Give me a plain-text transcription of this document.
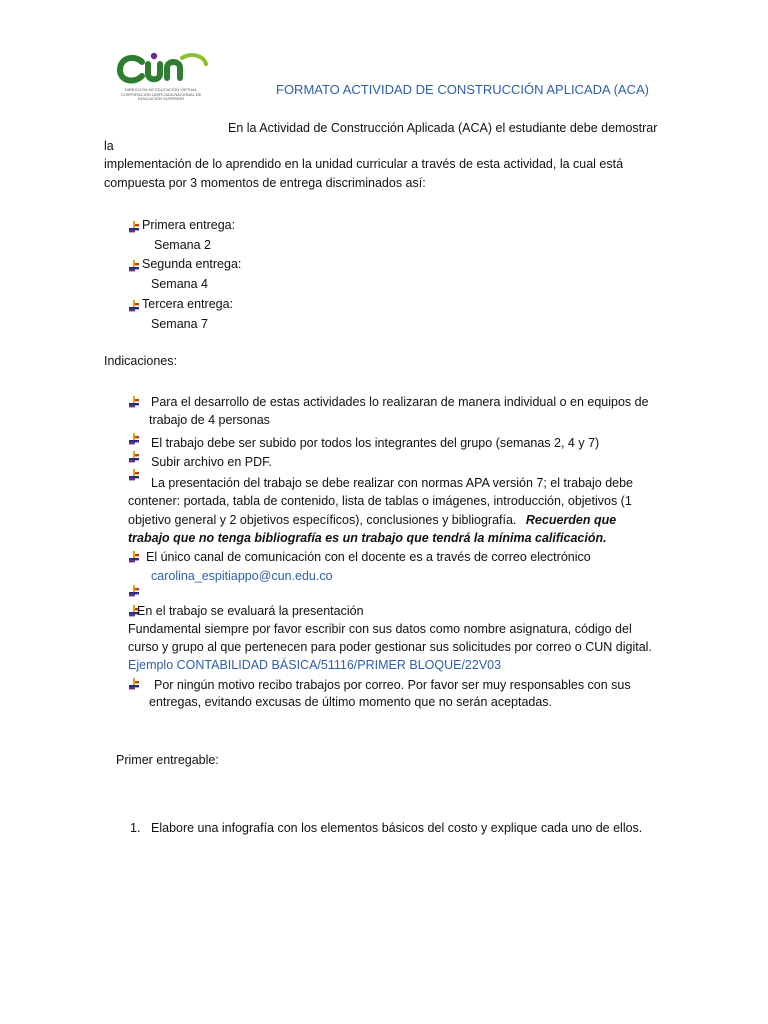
DIRECCIÓN DE EDUCACIÓN VIRTUAL
CORPORACIÓN UNIFICADA NACIONAL DE
EDUCACIÓN SUPERIOR
FORMATO ACTIVIDAD DE CONSTRUCCIÓN APLICADA (ACA)
En la Actividad de Construcción Aplicada (ACA) el estudiante debe demostrar
la
implementación de lo aprendido en la unidad curricular a través de esta actividad, la cual está
compuesta por 3 momentos de entrega discriminados así:
Primera entrega:
Semana 2
Segunda entrega:
Semana 4
Tercera entrega:
Semana 7
Indicaciones:
Para el desarrollo de estas actividades lo realizaran de manera individual o en equipos de
trabajo de 4 personas
El trabajo debe ser subido por todos los integrantes del grupo (semanas 2, 4 y 7)
Subir archivo en PDF.
La presentación del trabajo se debe realizar con normas APA versión 7; el trabajo debe
contener: portada, tabla de contenido, lista de tablas o imágenes, introducción, objetivos (1
objetivo general y 2 objetivos específicos), conclusiones y bibliografía. Recuerden que
trabajo que no tenga bibliografía es un trabajo que tendrá la mínima calificación.
El único canal de comunicación con el docente es a través de correo electrónico
carolina_espitiappo@cun.edu.co
En el trabajo se evaluará la presentación
Fundamental siempre por favor escribir con sus datos como nombre asignatura, código del
curso y grupo al que pertenecen para poder gestionar sus solicitudes por correo o CUN digital.
Ejemplo CONTABILIDAD BÁSICA/51116/PRIMER BLOQUE/22V03
Por ningún motivo recibo trabajos por correo. Por favor ser muy responsables con sus
entregas, evitando excusas de último momento que no serán aceptadas.
Primer entregable:
1. Elabore una infografía con los elementos básicos del costo y explique cada uno de ellos.
